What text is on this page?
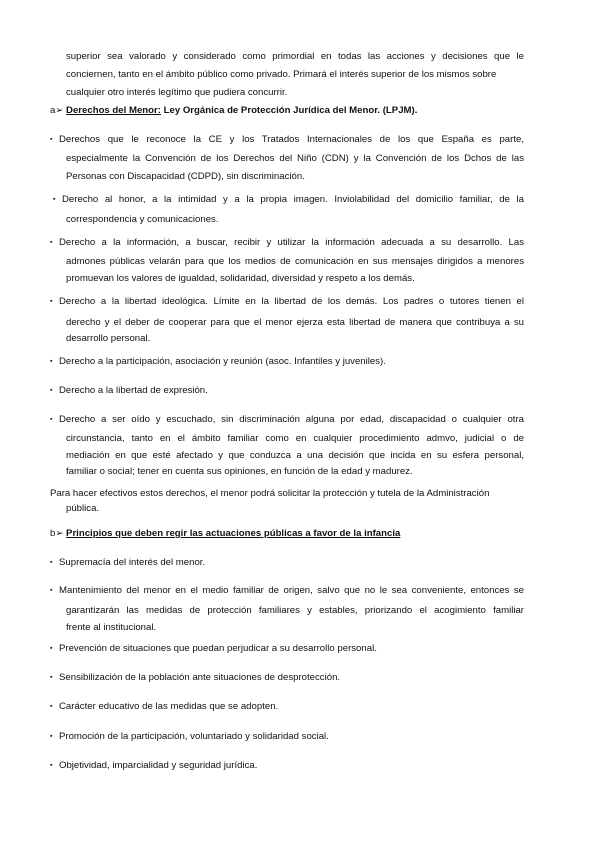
superior sea valorado y considerado como primordial en todas las acciones y decisiones que le
conciernen, tanto en el ámbito público como privado. Primará el interés superior de los mismos sobre
cualquier otro interés legítimo que pudiera concurrir.
a➢ Derechos del Menor: Ley Orgánica de Protección Jurídica del Menor. (LPJM).
▪ Derechos que le reconoce la CE y los Tratados Internacionales de los que España es parte,
especialmente la Convención de los Derechos del Niño (CDN) y la Convención de los Dchos de las
Personas con Discapacidad (CDPD), sin discriminación.
▪ Derecho al honor, a la intimidad y a la propia imagen. Inviolabilidad del domicilio familiar, de la
correspondencia y comunicaciones.
▪ Derecho a la información, a buscar, recibir y utilizar la información adecuada a su desarrollo. Las
admones públicas velarán para que los medios de comunicación en sus mensajes dirigidos a menores
promuevan los valores de igualdad, solidaridad, diversidad y respeto a los demás.
▪ Derecho a la libertad ideológica. Límite en la libertad de los demás. Los padres o tutores tienen el
derecho y el deber de cooperar para que el menor ejerza esta libertad de manera que contribuya a su
desarrollo personal.
▪ Derecho a la participación, asociación y reunión (asoc. Infantiles y juveniles).
▪ Derecho a la libertad de expresión.
▪ Derecho a ser oído y escuchado, sin discriminación alguna por edad, discapacidad o cualquier otra
circunstancia, tanto en el ámbito familiar como en cualquier procedimiento admvo, judicial o de
mediación en que esté afectado y que conduzca a una decisión que incida en su esfera personal,
familiar o social; tener en cuenta sus opiniones, en función de la edad y madurez.
Para hacer efectivos estos derechos, el menor podrá solicitar la protección y tutela de la Administración
pública.
b➢ Principios que deben regir las actuaciones públicas a favor de la infancia
▪ Supremacía del interés del menor.
▪ Mantenimiento del menor en el medio familiar de origen, salvo que no le sea conveniente, entonces se
garantizarán las medidas de protección familiares y estables, priorizando el acogimiento familiar
frente al institucional.
▪ Prevención de situaciones que puedan perjudicar a su desarrollo personal.
▪ Sensibilización de la población ante situaciones de desprotección.
▪ Carácter educativo de las medidas que se adopten.
▪ Promoción de la participación, voluntariado y solidaridad social.
▪ Objetividad, imparcialidad y seguridad jurídica.
